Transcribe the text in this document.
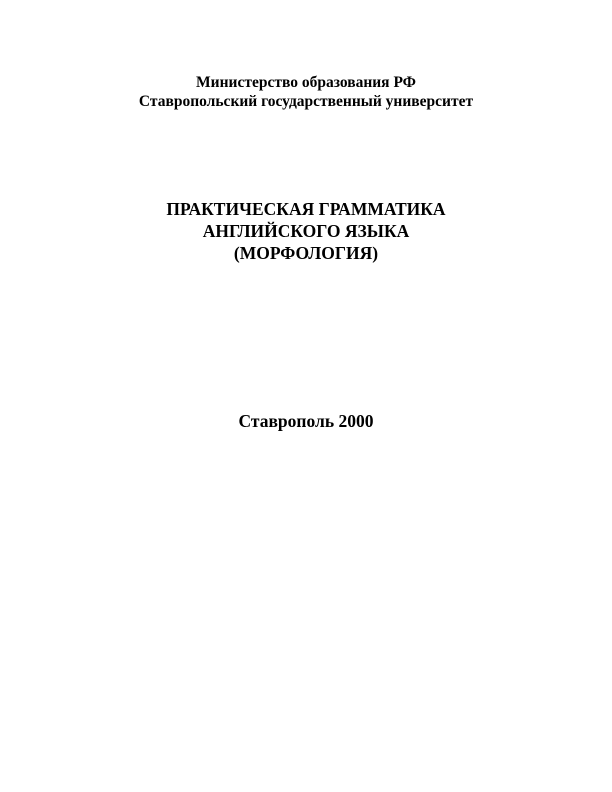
Министерство образования РФ
Ставропольский государственный университет
ПРАКТИЧЕСКАЯ ГРАММАТИКА
АНГЛИЙСКОГО ЯЗЫКА
(МОРФОЛОГИЯ)
Ставрополь 2000
